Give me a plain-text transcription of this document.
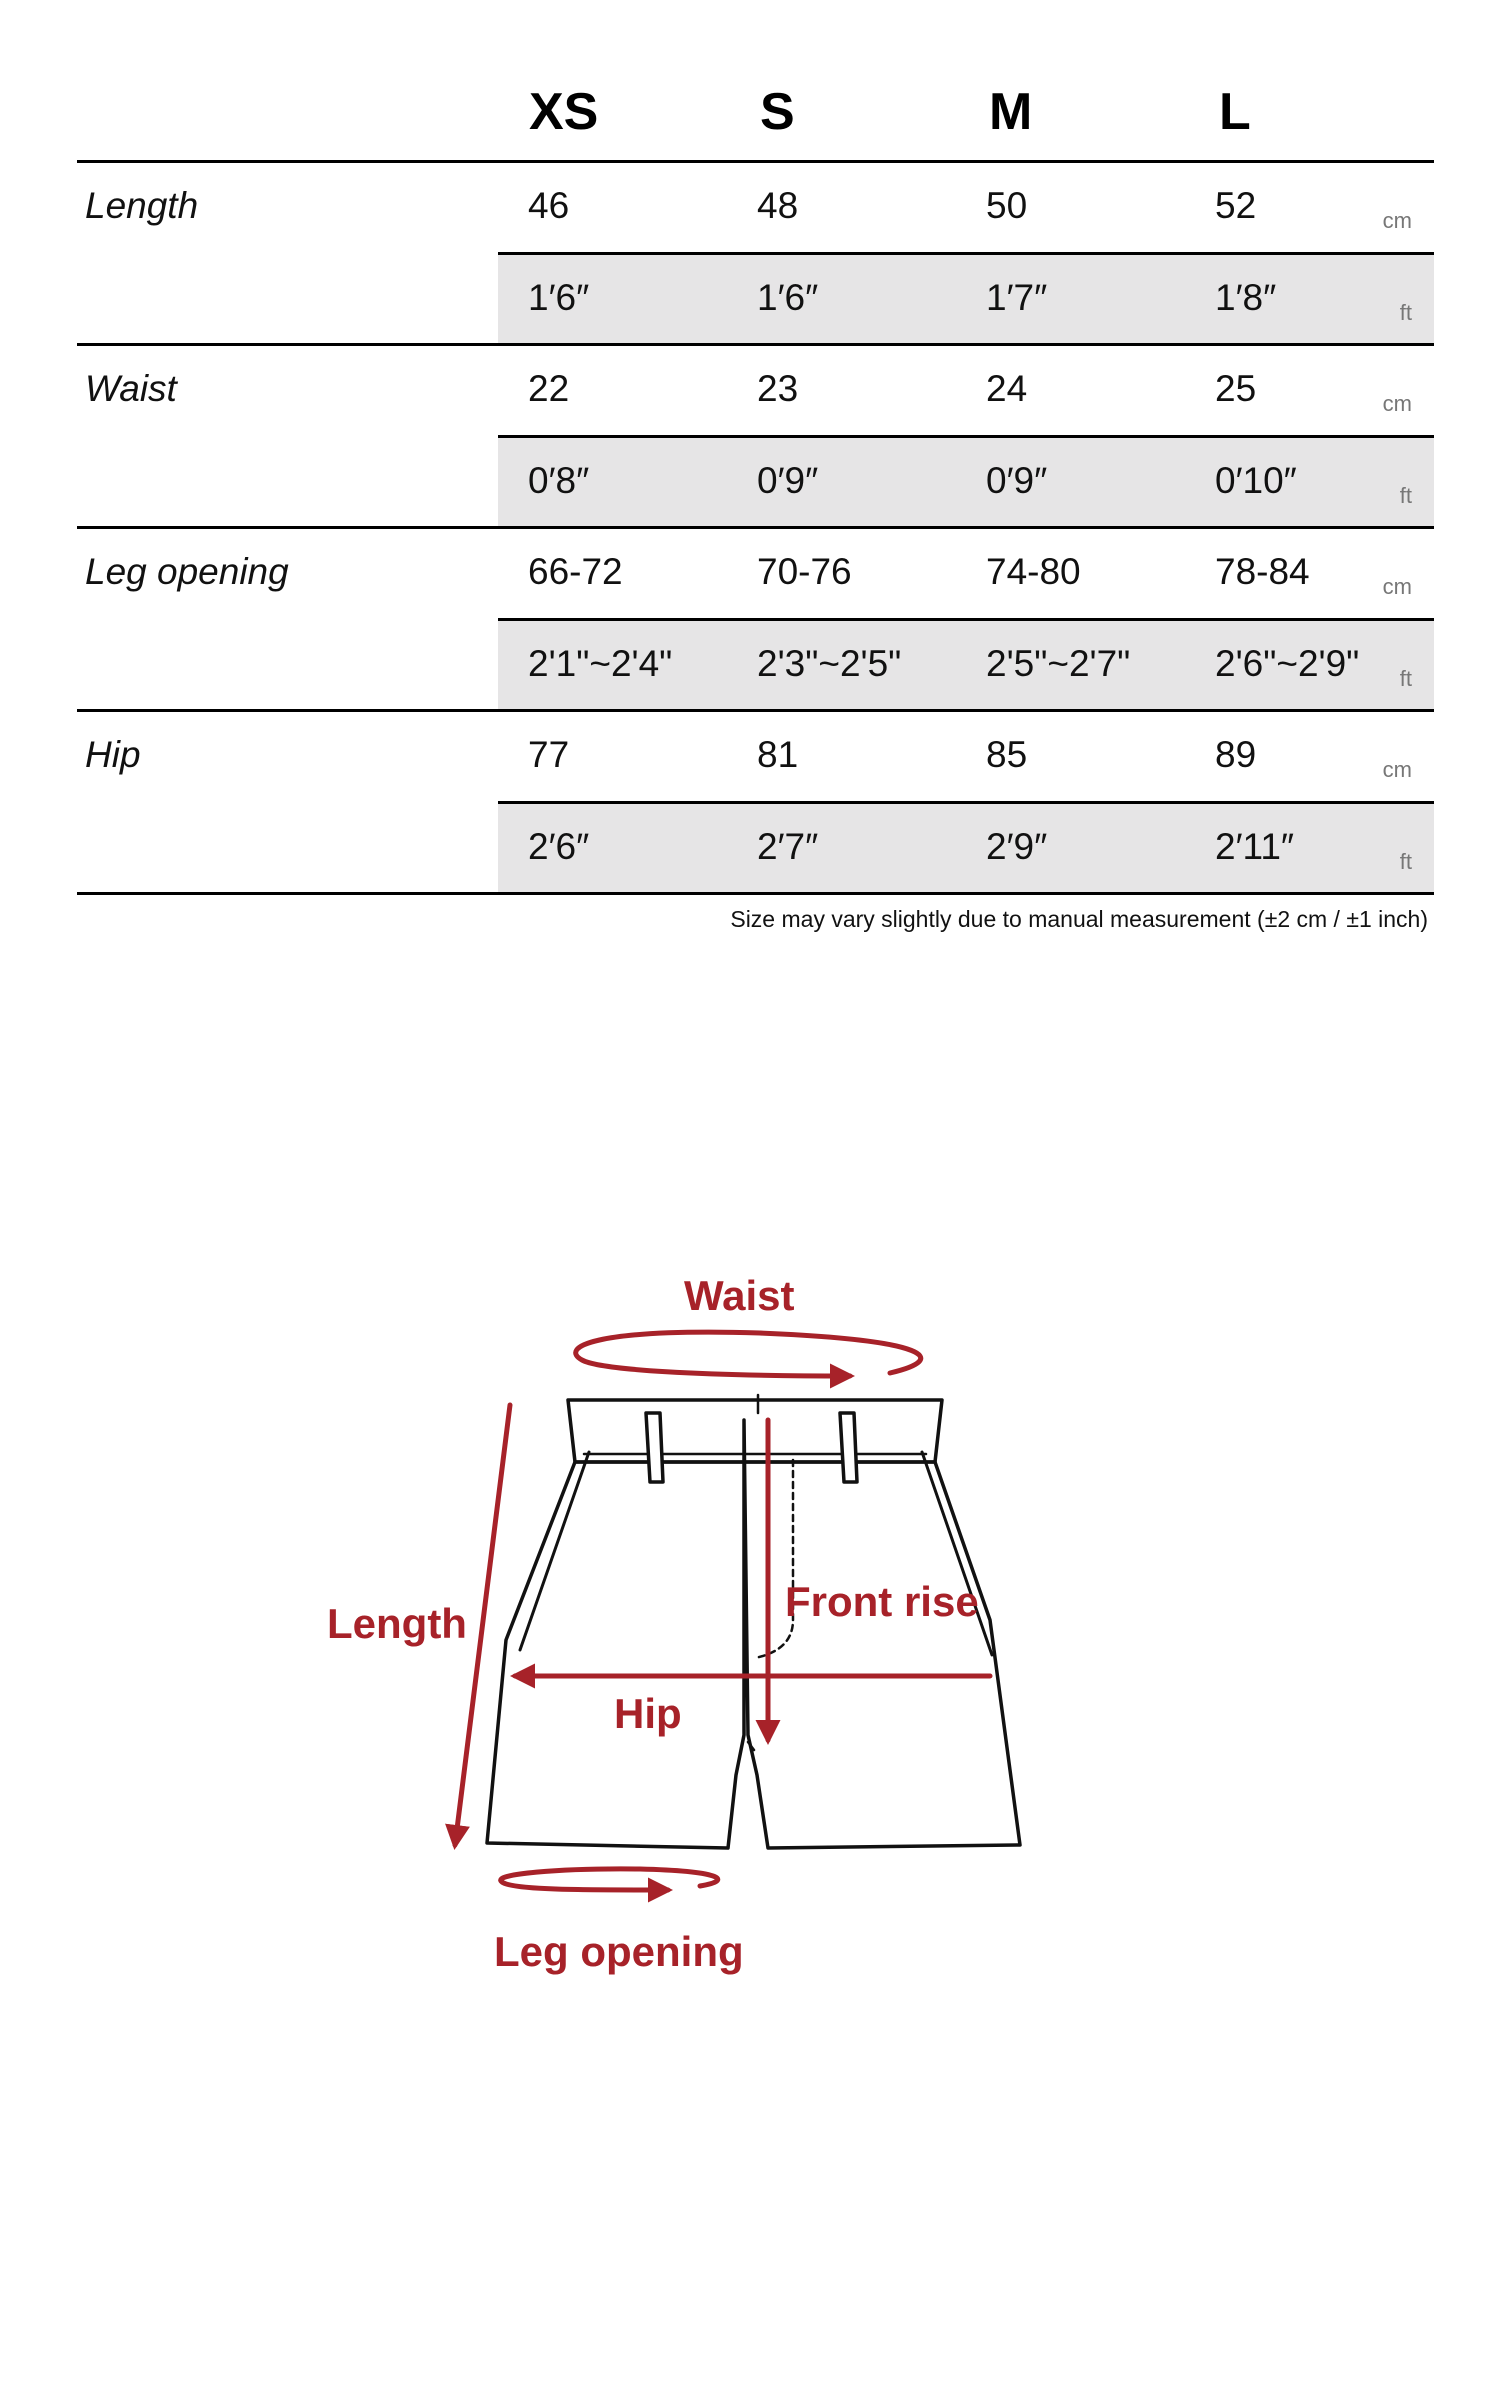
XS	S	M	L
Length	46	48	50	52	cm
1′6″	1′6″	1′7″	1′8″	ft
Waist	22	23	24	25	cm
0′8″	0′9″	0′9″	0′10″	ft
Leg opening	66-72	70-76	74-80	78-84	cm
2'1"~2'4" 2'3"~2'5" 2'5"~2'7" 2'6"~2'9" ft
Hip	77	81	85	89	cm
2′6″	2′7″	2′9″	2′11″	ft
Size may vary slightly due to manual measurement (±2 cm / ±1 inch)
Waist
Length	Front rise
Hip
Leg opening
